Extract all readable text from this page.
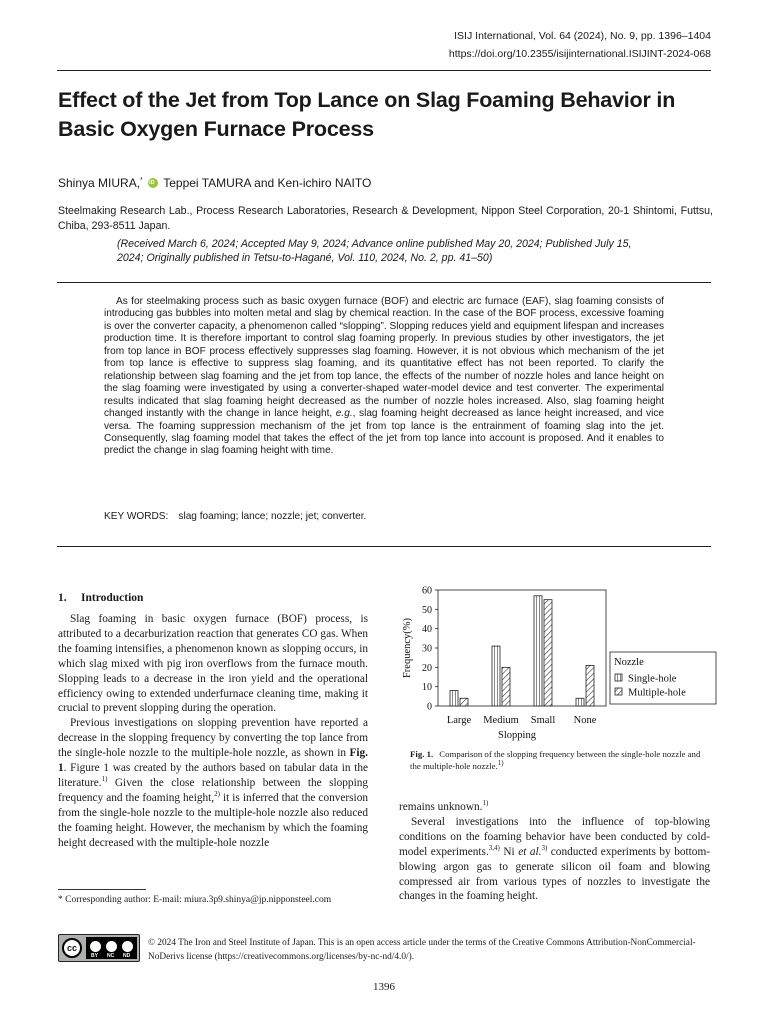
ISIJ International, Vol. 64 (2024), No. 9, pp. 1396–1404
https://doi.org/10.2355/isijinternational.ISIJINT-2024-068
Effect of the Jet from Top Lance on Slag Foaming Behavior in Basic Oxygen Furnace Process
Shinya MIURA,* iD Teppei TAMURA and Ken-ichiro NAITO
Steelmaking Research Lab., Process Research Laboratories, Research & Development, Nippon Steel Corporation, 20-1 Shintomi, Futtsu, Chiba, 293-8511 Japan.
(Received March 6, 2024; Accepted May 9, 2024; Advance online published May 20, 2024; Published July 15, 2024; Originally published in Tetsu-to-Hagané, Vol. 110, 2024, No. 2, pp. 41–50)
As for steelmaking process such as basic oxygen furnace (BOF) and electric arc furnace (EAF), slag foaming consists of introducing gas bubbles into molten metal and slag by chemical reaction. In the case of the BOF process, excessive foaming is over the converter capacity, a phenomenon called “slopping”. Slopping reduces yield and equipment lifespan and increases production time. It is therefore important to control slag foaming properly. In previous studies by other investigators, the jet from top lance in BOF process effectively suppresses slag foaming. However, it is not obvious which mechanism of the jet from top lance is effective to suppress slag foaming, and its quantitative effect has not been reported. To clarify the relationship between slag foaming and the jet from top lance, the effects of the number of nozzle holes and lance height on the slag foaming were investigated by using a converter-shaped water-model device and test converter. The experimental results indicated that slag foaming height decreased as the number of nozzle holes increased. Also, slag foaming height changed instantly with the change in lance height, e.g., slag foaming height decreased as lance height increased, and vice versa. The foaming suppression mechanism of the jet from top lance is the entrainment of foaming slag into the jet. Consequently, slag foaming model that takes the effect of the jet from top lance into account is proposed. And it enables to predict the change in slag foaming height with time.
KEY WORDS: slag foaming; lance; nozzle; jet; converter.
1.  Introduction

Slag foaming in basic oxygen furnace (BOF) process, is attributed to a decarburization reaction that generates CO gas. When the foaming intensifies, a phenomenon known as slopping occurs, in which slag mixed with pig iron overflows from the furnace mouth. Slopping leads to a decrease in the iron yield and the operational efficiency owing to extended underfurnace cleaning time, making it crucial to prevent slopping during the operation.

Previous investigations on slopping prevention have reported a decrease in the slopping frequency by converting the top lance from the single-hole nozzle to the multiple-hole nozzle, as shown in Fig. 1. Figure 1 was created by the authors based on tabular data in the literature.$^{1)}$ Given the close relationship between the slopping frequency and the foaming height,$^{2)}$ it is inferred that the conversion from the single-hole nozzle to the multiple-hole nozzle also reduced the foaming height. However, the mechanism by which the foaming height decreased with the multiple-hole nozzle

remains unknown.$^{1)}$

Several investigations into the influence of top-blowing conditions on the foaming behavior have been conducted by cold-model experiments.$^{3,4)}$ Ni et al.$^{3)}$ conducted experiments by bottom-blowing argon gas to generate silicon oil foam and blowing compressed air from various types of nozzles to investigate the changes in the foaming height.

0
10
20
30
40
50
60
Frequency(%)
Large Medium Small None
Slopping
Nozzle
Single-hole
Multiple-hole
Fig. 1. Comparison of the slopping frequency between the single-hole nozzle and the multiple-hole nozzle.$^{1)}$
* Corresponding author: E-mail: miura.3p9.shinya@jp.nipponsteel.com
cc
BY NC ND
© 2024 The Iron and Steel Institute of Japan. This is an open access article under the terms of the Creative Commons Attribution-NonCommercial-NoDerivs license (https://creativecommons.org/licenses/by-nc-nd/4.0/).
1396
